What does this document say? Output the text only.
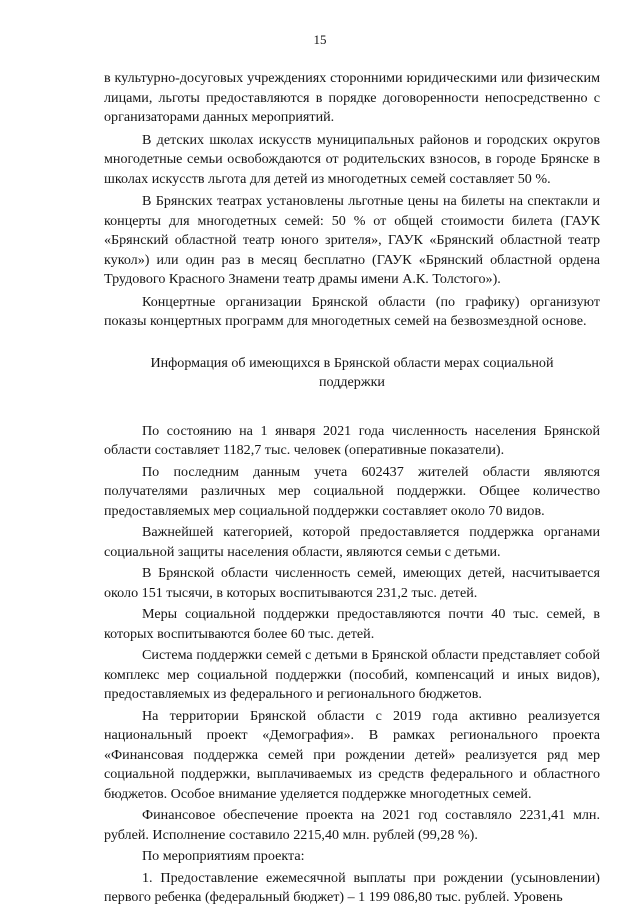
15

в культурно-досуговых учреждениях сторонними юридическими или физическим лицами, льготы предоставляются в порядке договоренности непосредственно с организаторами данных мероприятий.

В детских школах искусств муниципальных районов и городских округов многодетные семьи освобождаются от родительских взносов, в городе Брянске в школах искусств льгота для детей из многодетных семей составляет 50 %.

В Брянских театрах установлены льготные цены на билеты на спектакли и концерты для многодетных семей: 50 % от общей стоимости билета (ГАУК «Брянский областной театр юного зрителя», ГАУК «Брянский областной театр кукол») или один раз в месяц бесплатно (ГАУК «Брянский областной ордена Трудового Красного Знамени театр драмы имени А.К. Толстого»).

Концертные организации Брянской области (по графику) организуют показы концертных программ для многодетных семей на безвозмездной основе.

Информация об имеющихся в Брянской области мерах социальной поддержки

По состоянию на 1 января 2021 года численность населения Брянской области составляет 1182,7 тыс. человек (оперативные показатели).

По последним данным учета 602437 жителей области являются получателями различных мер социальной поддержки. Общее количество предоставляемых мер социальной поддержки составляет около 70 видов.

Важнейшей категорией, которой предоставляется поддержка органами социальной защиты населения области, являются семьи с детьми.

В Брянской области численность семей, имеющих детей, насчитывается около 151 тысячи, в которых воспитываются 231,2 тыс. детей.

Меры социальной поддержки предоставляются почти 40 тыс. семей, в которых воспитываются более 60 тыс. детей.

Система поддержки семей с детьми в Брянской области представляет собой комплекс мер социальной поддержки (пособий, компенсаций и иных видов), предоставляемых из федерального и регионального бюджетов.

На территории Брянской области с 2019 года активно реализуется национальный проект «Демография». В рамках регионального проекта «Финансовая поддержка семей при рождении детей» реализуется ряд мер социальной поддержки, выплачиваемых из средств федерального и областного бюджетов. Особое внимание уделяется поддержке многодетных семей.

Финансовое обеспечение проекта на 2021 год составляло 2231,41 млн. рублей. Исполнение составило 2215,40 млн. рублей (99,28 %).

По мероприятиям проекта:

1. Предоставление ежемесячной выплаты при рождении (усыновлении) первого ребенка (федеральный бюджет) – 1 199 086,80 тыс. рублей. Уровень
